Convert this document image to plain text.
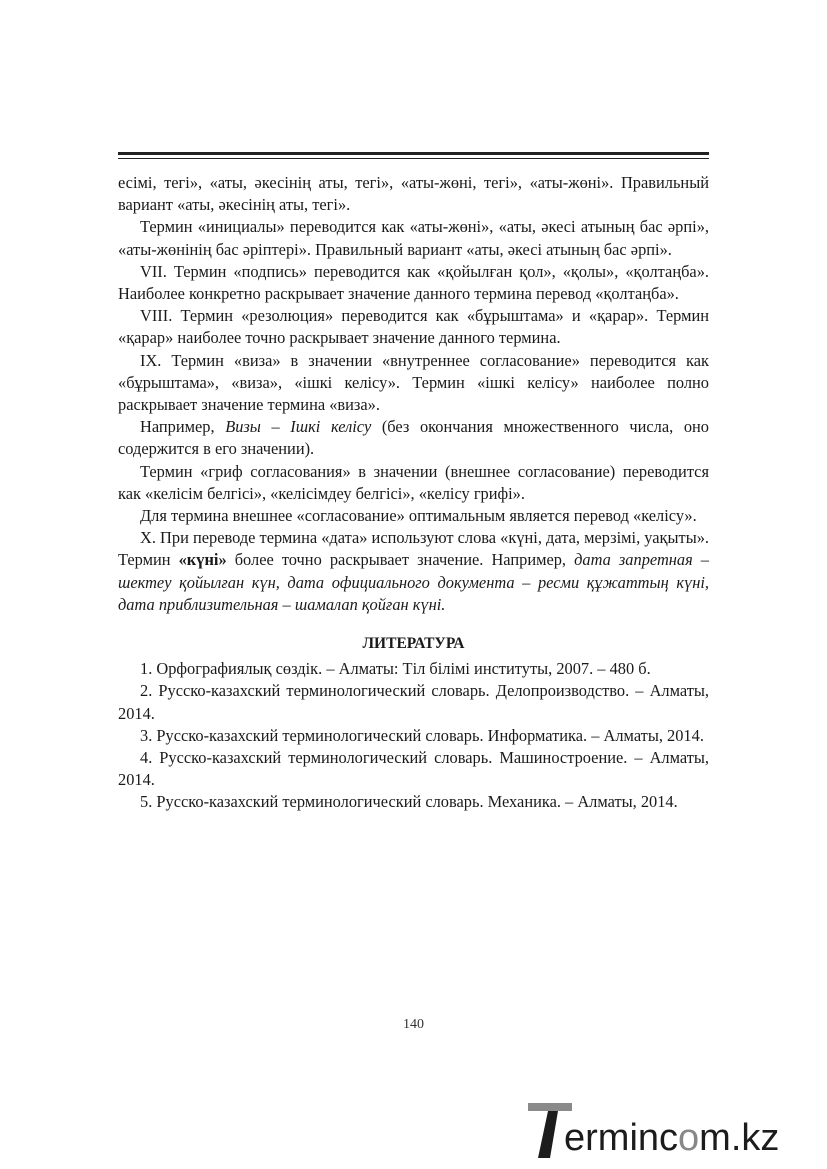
есімі, тегі», «аты, әкесінің аты, тегі», «аты-жөні, тегі», «аты-жөні». Правильный вариант «аты, әкесінің аты, тегі».

Термин «инициалы» переводится как «аты-жөні», «аты, әкесі атының бас әрпі», «аты-жөнінің бас әріптері». Правильный вариант «аты, әкесі атының бас әрпі».

VII. Термин «подпись» переводится как «қойылған қол», «қолы», «қолтаңба». Наиболее конкретно раскрывает значение данного термина перевод «қолтаңба».

VIII. Термин «резолюция» переводится как «бұрыштама» и «қарар». Термин «қарар» наиболее точно раскрывает значение данного термина.

IX. Термин «виза» в значении «внутреннее согласование» переводится как «бұрыштама», «виза», «ішкі келісу». Термин «ішкі келісу» наиболее полно раскрывает значение термина «виза».

Например, Визы – Ішкі келісу (без окончания множественного числа, оно содержится в его значении).

Термин «гриф согласования» в значении (внешнее согласование) переводится как «келісім белгісі», «келісімдеу белгісі», «келісу грифі».

Для термина внешнее «согласование» оптимальным является перевод «келісу».

X. При переводе термина «дата» используют слова «күні, дата, мерзімі, уақыты». Термин «күні» более точно раскрывает значение. Например, дата запретная – шектеу қойылған күн, дата официального документа – ресми құжаттың күні, дата приблизительная – шамалап қойған күні.

ЛИТЕРАТУРА

1. Орфографиялық сөздік. – Алматы: Тіл білімі институты, 2007. – 480 б.

2. Русско-казахский терминологический словарь. Делопроизводство. – Алматы, 2014.

3. Русско-казахский терминологический словарь. Информатика. – Алматы, 2014.

4. Русско-казахский терминологический словарь. Машиностроение. – Алматы, 2014.

5. Русско-казахский терминологический словарь. Механика. – Алматы, 2014.

140
ermincom.kz
